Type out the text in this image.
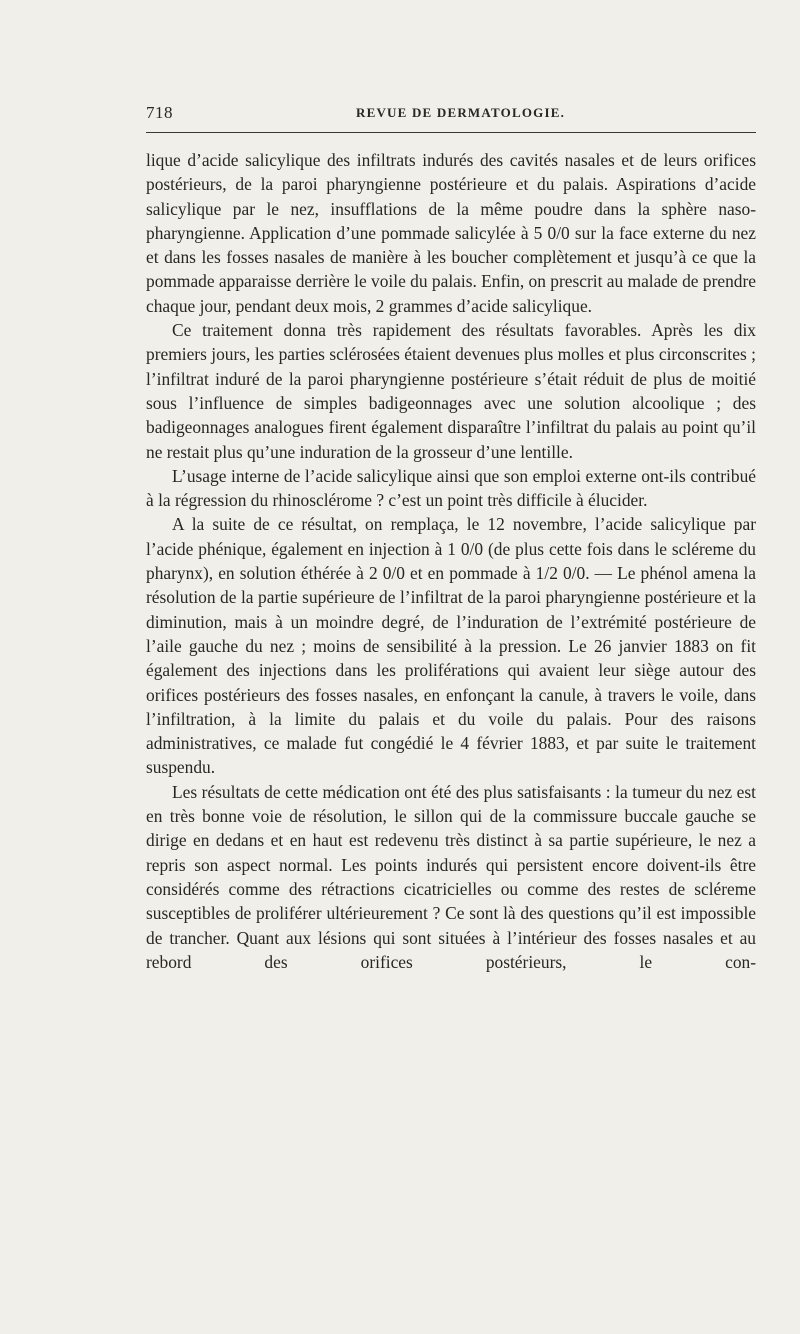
718	REVUE DE DERMATOLOGIE.

lique d’acide salicylique des infiltrats indurés des cavités nasales et de leurs orifices postérieurs, de la paroi pharyngienne postérieure et du palais. Aspirations d’acide salicylique par le nez, insufflations de la même poudre dans la sphère naso-pharyngienne. Application d’une pommade salicylée à 5 0/0 sur la face externe du nez et dans les fosses nasales de manière à les boucher complètement et jusqu’à ce que la pommade apparaisse derrière le voile du palais. Enfin, on prescrit au malade de prendre chaque jour, pendant deux mois, 2 grammes d’acide salicylique.

Ce traitement donna très rapidement des résultats favorables. Après les dix premiers jours, les parties sclérosées étaient devenues plus molles et plus circonscrites ; l’infiltrat induré de la paroi pharyngienne postérieure s’était réduit de plus de moitié sous l’influence de simples badigeonnages avec une solution alcoolique ; des badigeonnages analogues firent également disparaître l’infiltrat du palais au point qu’il ne restait plus qu’une induration de la grosseur d’une lentille.

L’usage interne de l’acide salicylique ainsi que son emploi externe ont-ils contribué à la régression du rhinosclérome ? c’est un point très difficile à élucider.

A la suite de ce résultat, on remplaça, le 12 novembre, l’acide salicylique par l’acide phénique, également en injection à 1 0/0 (de plus cette fois dans le scléreme du pharynx), en solution éthérée à 2 0/0 et en pommade à 1/2 0/0. — Le phénol amena la résolution de la partie supérieure de l’infiltrat de la paroi pharyngienne postérieure et la diminution, mais à un moindre degré, de l’induration de l’extrémité postérieure de l’aile gauche du nez ; moins de sensibilité à la pression. Le 26 janvier 1883 on fit également des injections dans les proliférations qui avaient leur siège autour des orifices postérieurs des fosses nasales, en enfonçant la canule, à travers le voile, dans l’infiltration, à la limite du palais et du voile du palais. Pour des raisons administratives, ce malade fut congédié le 4 février 1883, et par suite le traitement suspendu.

Les résultats de cette médication ont été des plus satisfaisants : la tumeur du nez est en très bonne voie de résolution, le sillon qui de la commissure buccale gauche se dirige en dedans et en haut est redevenu très distinct à sa partie supérieure, le nez a repris son aspect normal. Les points indurés qui persistent encore doivent-ils être considérés comme des rétractions cicatricielles ou comme des restes de scléreme susceptibles de proliférer ultérieurement ? Ce sont là des questions qu’il est impossible de trancher. Quant aux lésions qui sont situées à l’intérieur des fosses nasales et au rebord des orifices postérieurs, le con-
